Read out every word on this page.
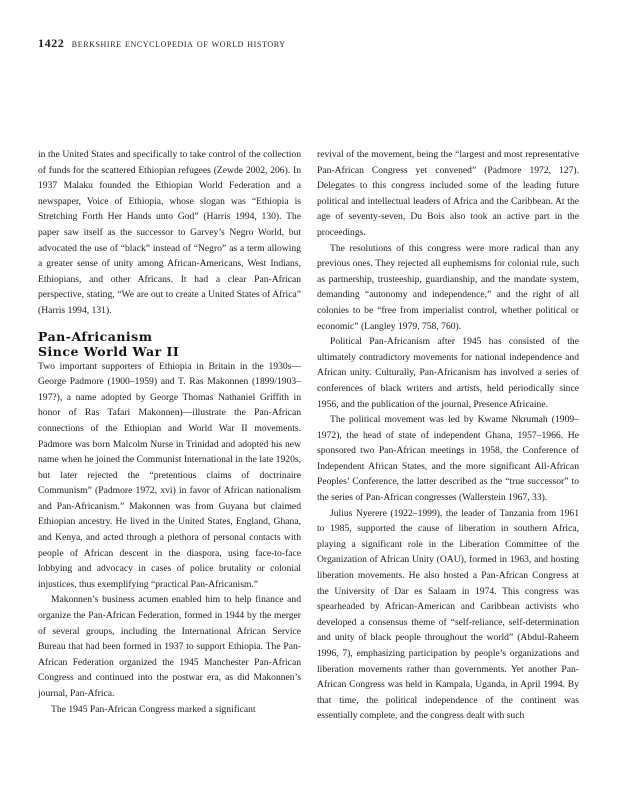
1422 berkshire encyclopedia of world history

in the United States and specifically to take control of the collection of funds for the scattered Ethiopian refugees (Zewde 2002, 206). In 1937 Malaku founded the Ethiopian World Federation and a newspaper, Voice of Ethiopia, whose slogan was “Ethiopia is Stretching Forth Her Hands unto God” (Harris 1994, 130). The paper saw itself as the successor to Garvey’s Negro World, but advocated the use of “black” instead of “Negro” as a term allowing a greater sense of unity among African-Americans, West Indians, Ethiopians, and other Africans. It had a clear Pan-African perspective, stating, “We are out to create a United States of Africa” (Harris 1994, 131).

Pan-Africanism
Since World War II

Two important supporters of Ethiopia in Britain in the 1930s—George Padmore (1900–1959) and T. Ras Makonnen (1899/1903–197?), a name adopted by George Thomas Nathaniel Griffith in honor of Ras Tafari Makonnen)—illustrate the Pan-African connections of the Ethiopian and World War II movements. Padmore was born Malcolm Nurse in Trinidad and adopted his new name when he joined the Communist International in the late 1920s, but later rejected the “pretentious claims of doctrinaire Communism” (Padmore 1972, xvi) in favor of African nationalism and Pan-Africanism.” Makonnen was from Guyana but claimed Ethiopian ancestry. He lived in the United States, England, Ghana, and Kenya, and acted through a plethora of personal contacts with people of African descent in the diaspora, using face-to-face lobbying and advocacy in cases of police brutality or colonial injustices, thus exemplifying “practical Pan-Africanism.”

Makonnen’s business acumen enabled him to help finance and organize the Pan-African Federation, formed in 1944 by the merger of several groups, including the International African Service Bureau that had been formed in 1937 to support Ethiopia. The Pan-African Federation organized the 1945 Manchester Pan-African Congress and continued into the postwar era, as did Makonnen’s journal, Pan-Africa.

The 1945 Pan-African Congress marked a significant

revival of the movement, being the “largest and most representative Pan-African Congress yet convened” (Padmore 1972, 127). Delegates to this congress included some of the leading future political and intellectual leaders of Africa and the Caribbean. At the age of seventy-seven, Du Bois also took an active part in the proceedings.

The resolutions of this congress were more radical than any previous ones. They rejected all euphemisms for colonial rule, such as partnership, trusteeship, guardianship, and the mandate system, demanding “autonomy and independence,” and the right of all colonies to be “free from imperialist control, whether political or economic” (Langley 1979, 758, 760).

Political Pan-Africanism after 1945 has consisted of the ultimately contradictory movements for national independence and African unity. Culturally, Pan-Africanism has involved a series of conferences of black writers and artists, held periodically since 1956, and the publication of the journal, Presence Africaine.

The political movement was led by Kwame Nkrumah (1909–1972), the head of state of independent Ghana, 1957–1966. He sponsored two Pan-African meetings in 1958, the Conference of Independent African States, and the more significant All-African Peoples’ Conference, the latter described as the “true successor” to the series of Pan-African congresses (Wallerstein 1967, 33).

Julius Nyerere (1922–1999), the leader of Tanzania from 1961 to 1985, supported the cause of liberation in southern Africa, playing a significant role in the Liberation Committee of the Organization of African Unity (OAU), formed in 1963, and hosting liberation movements. He also hosted a Pan-African Congress at the University of Dar es Salaam in 1974. This congress was spearheaded by African-American and Caribbean activists who developed a consensus theme of “self-reliance, self-determination and unity of black people throughout the world” (Abdul-Raheem 1996, 7), emphasizing participation by people’s organizations and liberation movements rather than governments. Yet another Pan-African Congress was held in Kampala, Uganda, in April 1994. By that time, the political independence of the continent was essentially complete, and the congress dealt with such
